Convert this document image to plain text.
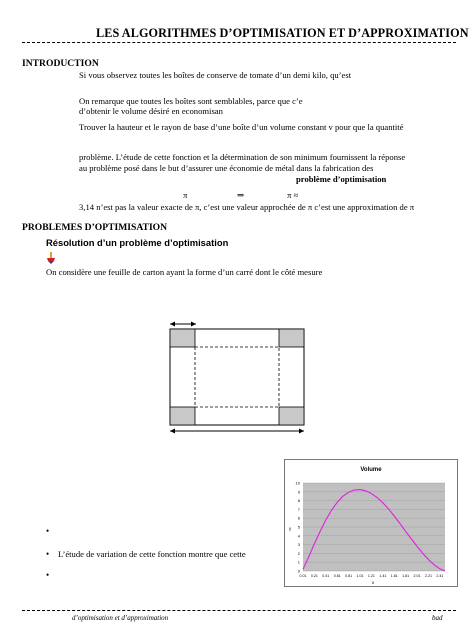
LES ALGORITHMES D’OPTIMISATION ET D’APPROXIMATION
INTRODUCTION
Si vous observez toutes les boîtes de conserve de tomate d’un demi kilo, qu’est
On remarque que toutes les boîtes sont semblables, parce que c’e
d’obtenir le volume désiré en economisan
Trouver la hauteur et le rayon de base d’une boîte d’un volume constant v pour que la quantité
problème. L’étude de cette fonction et la détermination de son minimum fournissent la réponse
au problème posé dans le but d’assurer une économie de métal dans la fabrication des
problème d’optimisation
π	⇒	π ≈
3,14 n’est pas la valeur exacte de π, c’est une valeur approchée de π c’est une approximation de π
PROBLEMES D’OPTIMISATION
Résolution d’un problème d’optimisation
On considère une feuille de carton ayant la forme d’un carré dont le côté mesure
•
• L’étude de variation de cette fonction montre que cette
•
Volume
0
1
2
3
4
5
6
7
8
9
10
0.01 0.21 0.41 0.61 0.81 1.01 1.21 1.41 1.61 1.81 2.01 2.21 2.41
y
x
d’optimisation et d’approximation	bad
